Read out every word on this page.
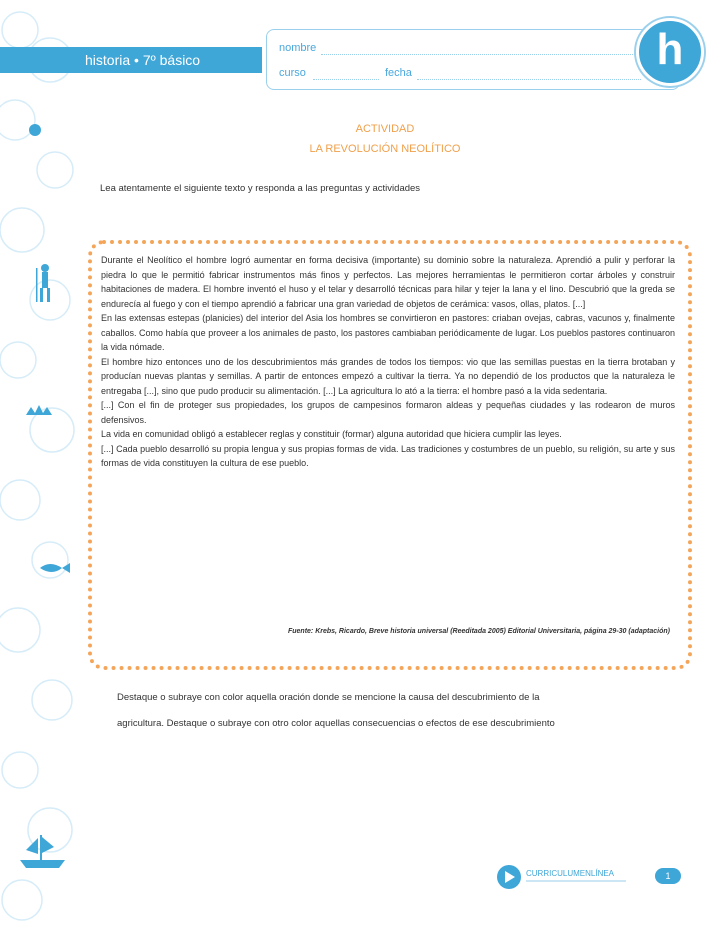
historia • 7º básico
nombre
curso	fecha	h
ACTIVIDAD
LA REVOLUCIÓN NEOLÍTICO
Lea atentamente el siguiente texto y responda a las preguntas y actividades

Durante el Neolítico el hombre logró aumentar en forma decisiva (importante) su dominio sobre la naturaleza. Aprendió a pulir y perforar la piedra lo que le permitió fabricar instrumentos más finos y perfectos. Las mejores herramientas le permitieron cortar árboles y construir habitaciones de madera. El hombre inventó el huso y el telar y desarrolló técnicas para hilar y tejer la lana y el lino. Descubrió que la greda se endurecía al fuego y con el tiempo aprendió a fabricar una gran variedad de objetos de cerámica: vasos, ollas, platos. [...]

En las extensas estepas (planicies) del interior del Asia los hombres se convirtieron en pastores: criaban ovejas, cabras, vacunos y, finalmente caballos. Como había que proveer a los animales de pasto, los pastores cambiaban periódicamente de lugar. Los pueblos pastores continuaron la vida nómade.

El hombre hizo entonces uno de los descubrimientos más grandes de todos los tiempos: vio que las semillas puestas en la tierra brotaban y producían nuevas plantas y semillas. A partir de entonces empezó a cultivar la tierra. Ya no dependió de los productos que la naturaleza le entregaba [...], sino que pudo producir su alimentación. [...] La agricultura lo ató a la tierra: el hombre pasó a la vida sedentaria.

[...] Con el fin de proteger sus propiedades, los grupos de campesinos formaron aldeas y pequeñas ciudades y las rodearon de muros defensivos.

La vida en comunidad obligó a establecer reglas y constituir (formar) alguna autoridad que hiciera cumplir las leyes.

[...] Cada pueblo desarrolló su propia lengua y sus propias formas de vida. Las tradiciones y costumbres de un pueblo, su religión, su arte y sus formas de vida constituyen la cultura de ese pueblo.

Fuente: Krebs, Ricardo, Breve historia universal (Reeditada 2005) Editorial Universitaria, página 29-30 (adaptación)

Destaque o subraye con color aquella oración donde se mencione la causa del descubrimiento de la

agricultura. Destaque o subraye con otro color aquellas consecuencias o efectos de ese descubrimiento

CURRICULUMENLÍNEA	1
